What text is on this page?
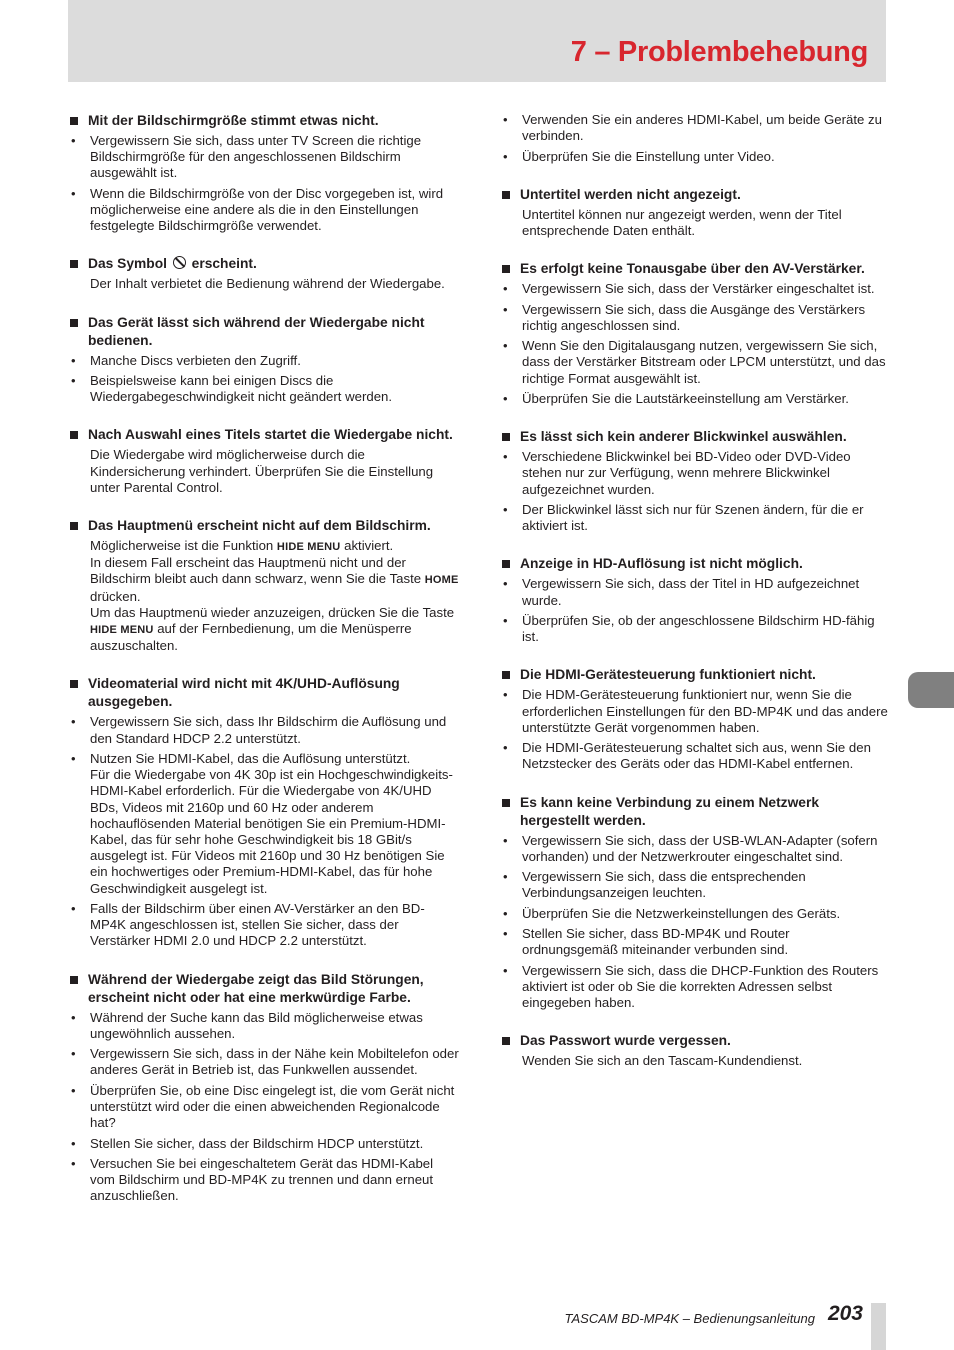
7 – Problembehebung
Mit der Bildschirmgröße stimmt etwas nicht.
• Vergewissern Sie sich, dass unter TV Screen die richtige Bildschirmgröße für den angeschlossenen Bildschirm ausgewählt ist.
• Wenn die Bildschirmgröße von der Disc vorgegeben ist, wird möglicherweise eine andere als die in den Einstellungen festgelegte Bildschirmgröße verwendet.
Das Symbol erscheint.

Der Inhalt verbietet die Bedienung während der Wiedergabe.

Das Gerät lässt sich während der Wiedergabe nicht bedienen.
• Manche Discs verbieten den Zugriff.
• Beispielsweise kann bei einigen Discs die Wiedergabegeschwindigkeit nicht geändert werden.
Nach Auswahl eines Titels startet die Wiedergabe nicht.

Die Wiedergabe wird möglicherweise durch die Kindersicherung verhindert. Überprüfen Sie die Einstellung unter Parental Control.

Das Hauptmenü erscheint nicht auf dem Bildschirm.

Möglicherweise ist die Funktion HIDE MENU aktiviert.
In diesem Fall erscheint das Hauptmenü nicht und der Bildschirm bleibt auch dann schwarz, wenn Sie die Taste HOME drücken.
Um das Hauptmenü wieder anzuzeigen, drücken Sie die Taste HIDE MENU auf der Fernbedienung, um die Menüsperre auszuschalten.

Videomaterial wird nicht mit 4K/UHD-Auflösung ausgegeben.
• Vergewissern Sie sich, dass Ihr Bildschirm die Auflösung und den Standard HDCP 2.2 unterstützt.
• Nutzen Sie HDMI-Kabel, das die Auflösung unterstützt.
Für die Wiedergabe von 4K 30p ist ein Hochgeschwindigkeits-HDMI-Kabel erforderlich. Für die Wiedergabe von 4K/UHD BDs, Videos mit 2160p und 60 Hz oder anderem hochauflösenden Material benötigen Sie ein Premium-HDMI-Kabel, das für sehr hohe Geschwindigkeit bis 18 GBit/s ausgelegt ist. Für Videos mit 2160p und 30 Hz benötigen Sie ein hochwertiges oder Premium-HDMI-Kabel, das für hohe Geschwindigkeit ausgelegt ist.
• Falls der Bildschirm über einen AV-Verstärker an den BD-MP4K angeschlossen ist, stellen Sie sicher, dass der Verstärker HDMI 2.0 und HDCP 2.2 unterstützt.
Während der Wiedergabe zeigt das Bild Störungen, erscheint nicht oder hat eine merkwürdige Farbe.
• Während der Suche kann das Bild möglicherweise etwas ungewöhnlich aussehen.
• Vergewissern Sie sich, dass in der Nähe kein Mobiltelefon oder anderes Gerät in Betrieb ist, das Funkwellen aussendet.
• Überprüfen Sie, ob eine Disc eingelegt ist, die vom Gerät nicht unterstützt wird oder die einen abweichenden Regionalcode hat?
• Stellen Sie sicher, dass der Bildschirm HDCP unterstützt.
• Versuchen Sie bei eingeschaltetem Gerät das HDMI-Kabel vom Bildschirm und BD-MP4K zu trennen und dann erneut anzuschließen.
• Verwenden Sie ein anderes HDMI-Kabel, um beide Geräte zu verbinden.
• Überprüfen Sie die Einstellung unter Video.
Untertitel werden nicht angezeigt.

Untertitel können nur angezeigt werden, wenn der Titel entsprechende Daten enthält.

Es erfolgt keine Tonausgabe über den AV-Verstärker.
• Vergewissern Sie sich, dass der Verstärker eingeschaltet ist.
• Vergewissern Sie sich, dass die Ausgänge des Verstärkers richtig angeschlossen sind.
• Wenn Sie den Digitalausgang nutzen, vergewissern Sie sich, dass der Verstärker Bitstream oder LPCM unterstützt, und das richtige Format ausgewählt ist.
• Überprüfen Sie die Lautstärkeeinstellung am Verstärker.
Es lässt sich kein anderer Blickwinkel auswählen.
• Verschiedene Blickwinkel bei BD-Video oder DVD-Video stehen nur zur Verfügung, wenn mehrere Blickwinkel aufgezeichnet wurden.
• Der Blickwinkel lässt sich nur für Szenen ändern, für die er aktiviert ist.
Anzeige in HD-Auflösung ist nicht möglich.
• Vergewissern Sie sich, dass der Titel in HD aufgezeichnet wurde.
• Überprüfen Sie, ob der angeschlossene Bildschirm HD-fähig ist.
Die HDMI-Gerätesteuerung funktioniert nicht.
• Die HDM-Gerätesteuerung funktioniert nur, wenn Sie die erforderlichen Einstellungen für den BD-MP4K und das andere unterstützte Gerät vorgenommen haben.
• Die HDMI-Gerätesteuerung schaltet sich aus, wenn Sie den Netzstecker des Geräts oder das HDMI-Kabel entfernen.
Es kann keine Verbindung zu einem Netzwerk hergestellt werden.
• Vergewissern Sie sich, dass der USB-WLAN-Adapter (sofern vorhanden) und der Netzwerkrouter eingeschaltet sind.
• Vergewissern Sie sich, dass die entsprechenden Verbindungsanzeigen leuchten.
• Überprüfen Sie die Netzwerkeinstellungen des Geräts.
• Stellen Sie sicher, dass BD-MP4K und Router ordnungsgemäß miteinander verbunden sind.
• Vergewissern Sie sich, dass die DHCP-Funktion des Routers aktiviert ist oder ob Sie die korrekten Adressen selbst eingegeben haben.
Das Passwort wurde vergessen.

Wenden Sie sich an den Tascam-Kundendienst.

TASCAM BD-MP4K – Bedienungsanleitung 203
